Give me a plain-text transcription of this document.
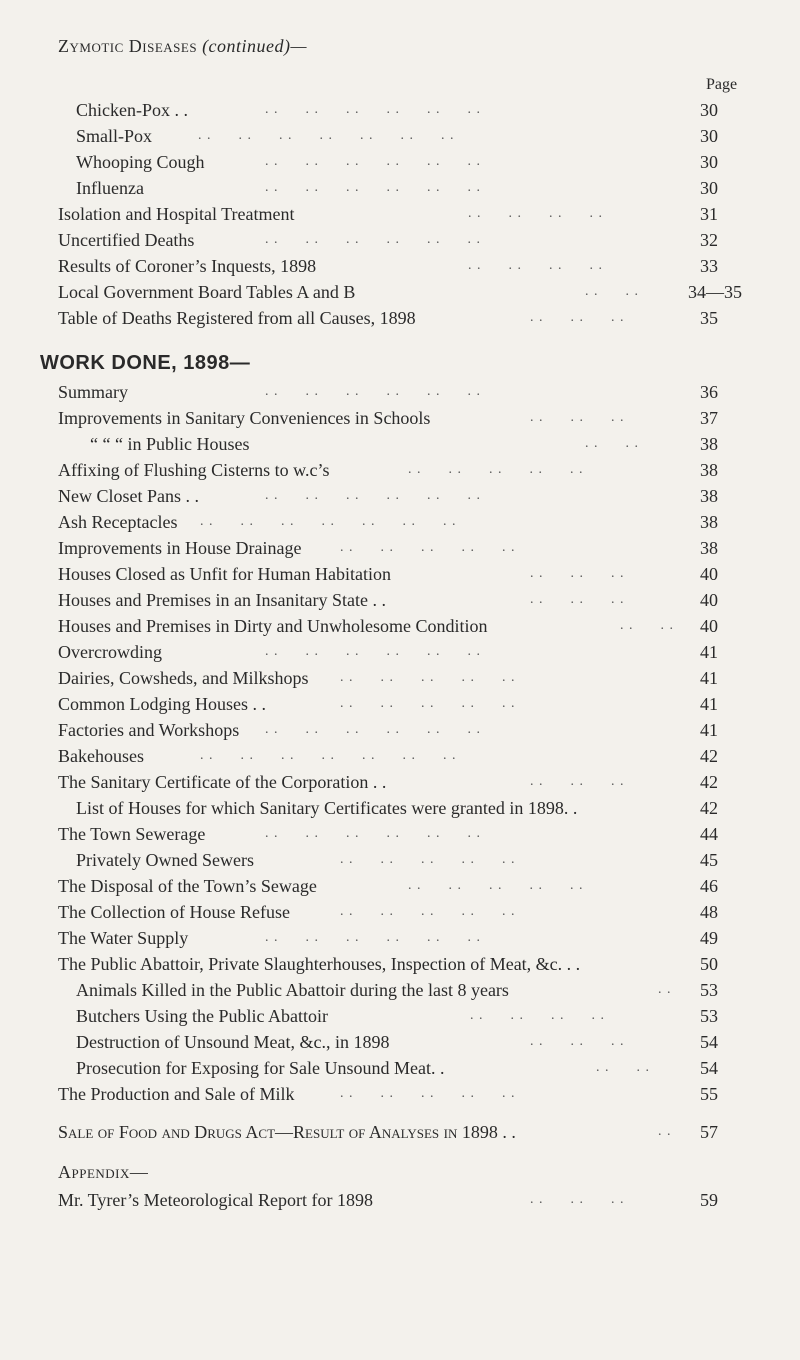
Zymotic Diseases (continued)—
Page
Chicken-Pox . .	. .      . .      . .      . .      . .      . .	30
Small-Pox	. .      . .      . .      . .      . .      . .      . .	30
Whooping Cough	. .      . .      . .      . .      . .      . .	30
Influenza	. .      . .      . .      . .      . .      . .	30
Isolation and Hospital Treatment	. .      . .      . .      . .	31
Uncertified Deaths	. .      . .      . .      . .      . .      . .	32
Results of Coroner’s Inquests, 1898	. .      . .      . .      . .	33
Local Government Board Tables A and B	. .      . .	34—35
Table of Deaths Registered from all Causes, 1898	. .      . .      . .	35
WORK DONE, 1898—
Summary	. .      . .      . .      . .      . .      . .	36
Improvements in Sanitary Conveniences in Schools	. .      . .      . .	37
“ “ “ in Public Houses	. .      . .	38
Affixing of Flushing Cisterns to w.c’s	. .      . .      . .      . .      . .	38
New Closet Pans . .	. .      . .      . .      . .      . .      . .	38
Ash Receptacles . .      . .      . .      . .      . .      . .      . .	38
Improvements in House Drainage	. .      . .      . .      . .      . .	38
Houses Closed as Unfit for Human Habitation	. .      . .      . .	40
Houses and Premises in an Insanitary State . .	. .      . .      . .	40
Houses and Premises in Dirty and Unwholesome Condition	. .      . . 40
Overcrowding	. .      . .      . .      . .      . .      . .	41
Dairies, Cowsheds, and Milkshops . .      . .      . .      . .      . .	41
Common Lodging Houses . .	. .      . .      . .      . .      . .	41
Factories and Workshops . .      . .      . .      . .      . .      . .	41
Bakehouses	. .      . .      . .      . .      . .      . .      . .	42
The Sanitary Certificate of the Corporation . .	. .      . .      . .	42
List of Houses for which Sanitary Certificates were granted in 1898. .	42
The Town Sewerage	. .      . .      . .      . .      . .      . .	44
Privately Owned Sewers	. .      . .      . .      . .      . .	45
The Disposal of the Town’s Sewage	. .      . .      . .      . .      . .	46
The Collection of House Refuse	. .      . .      . .      . .      . .	48
The Water Supply	. .      . .      . .      . .      . .      . .	49
The Public Abattoir, Private Slaughterhouses, Inspection of Meat, &c. . .	50
Animals Killed in the Public Abattoir during the last 8 years	. . 53
Butchers Using the Public Abattoir	. .      . .      . .      . .	53
Destruction of Unsound Meat, &c., in 1898	. .      . .      . .	54
Prosecution for Exposing for Sale Unsound Meat. .	. .      . .	54
The Production and Sale of Milk	. .      . .      . .      . .      . .	55
Sale of Food and Drugs Act—Result of Analyses in 1898 . .	. . 57
Appendix—
Mr. Tyrer’s Meteorological Report for 1898	. .      . .      . .	59
